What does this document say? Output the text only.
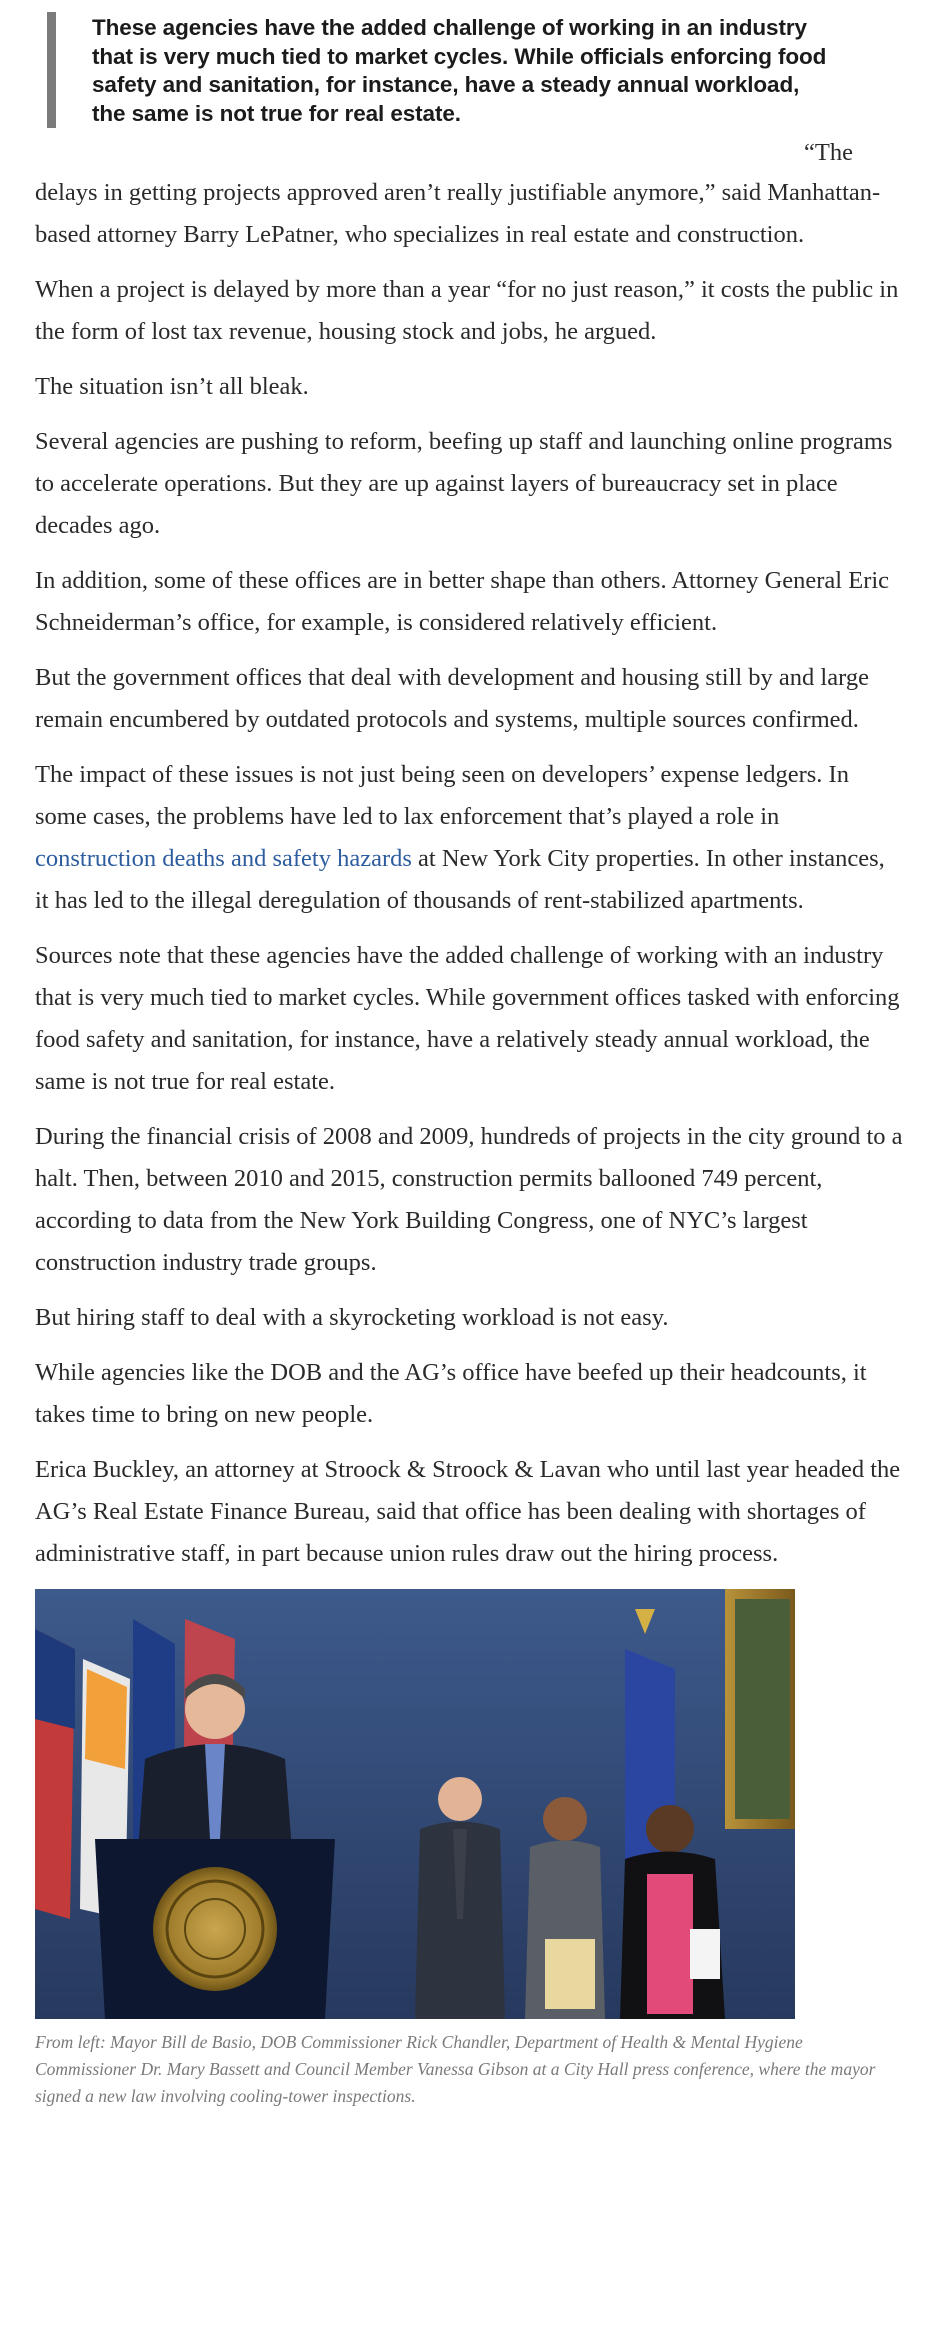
These agencies have the added challenge of working in an industry that is very much tied to market cycles. While officials enforcing food safety and sanitation, for instance, have a steady annual workload, the same is not true for real estate.

“The
delays in getting projects approved aren’t really justifiable anymore,” said Manhattan-based attorney Barry LePatner, who specializes in real estate and construction.

When a project is delayed by more than a year “for no just reason,” it costs the public in the form of lost tax revenue, housing stock and jobs, he argued.

The situation isn’t all bleak.

Several agencies are pushing to reform, beefing up staff and launching online programs to accelerate operations. But they are up against layers of bureaucracy set in place decades ago.

In addition, some of these offices are in better shape than others. Attorney General Eric Schneiderman’s office, for example, is considered relatively efficient.

But the government offices that deal with development and housing still by and large remain encumbered by outdated protocols and systems, multiple sources confirmed.

The impact of these issues is not just being seen on developers’ expense ledgers. In some cases, the problems have led to lax enforcement that’s played a role in construction deaths and safety hazards at New York City properties. In other instances, it has led to the illegal deregulation of thousands of rent-stabilized apartments.

Sources note that these agencies have the added challenge of working with an industry that is very much tied to market cycles. While government offices tasked with enforcing food safety and sanitation, for instance, have a relatively steady annual workload, the same is not true for real estate.

During the financial crisis of 2008 and 2009, hundreds of projects in the city ground to a halt. Then, between 2010 and 2015, construction permits ballooned 749 percent, according to data from the New York Building Congress, one of NYC’s largest construction industry trade groups.

But hiring staff to deal with a skyrocketing workload is not easy.

While agencies like the DOB and the AG’s office have beefed up their headcounts, it takes time to bring on new people.

Erica Buckley, an attorney at Stroock & Stroock & Lavan who until last year headed the AG’s Real Estate Finance Bureau, said that office has been dealing with shortages of administrative staff, in part because union rules draw out the hiring process.

From left: Mayor Bill de Basio, DOB Commissioner Rick Chandler, Department of Health & Mental Hygiene Commissioner Dr. Mary Bassett and Council Member Vanessa Gibson at a City Hall press conference, where the mayor signed a new law involving cooling-tower inspections.
